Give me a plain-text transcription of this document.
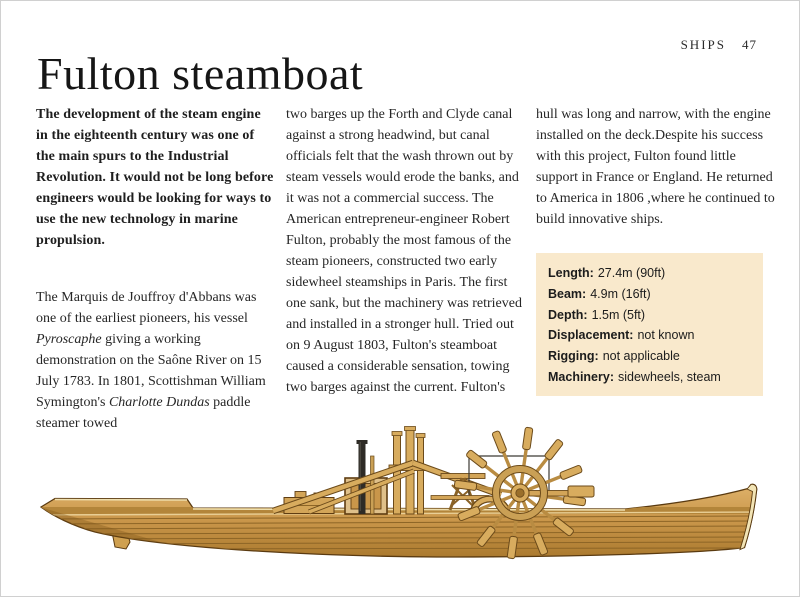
SHIPS 47
Fulton steamboat

The development of the steam engine in the eighteenth century was one of the main spurs to the Industrial Revolution. It would not be long before engineers would be looking for ways to use the new technology in marine propulsion.

The Marquis de Jouffroy d'Abbans was one of the earliest pioneers, his vessel Pyroscaphe giving a working demonstration on the Saône River on 15 July 1783. In 1801, Scottishman William Symington's Charlotte Dundas paddle steamer towed

two barges up the Forth and Clyde canal against a strong headwind, but canal officials felt that the wash thrown out by steam vessels would erode the banks, and it was not a commercial success. The American entrepreneur-engineer Robert Fulton, probably the most famous of the steam pioneers, constructed two early sidewheel steamships in Paris. The first one sank, but the machinery was retrieved and installed in a stronger hull. Tried out on 9 August 1803, Fulton's steamboat caused a considerable sensation, towing two barges against the current. Fulton's

hull was long and narrow, with the engine installed on the deck.Despite his success with this project, Fulton found little support in France or England. He returned to America in 1806 ,where he continued to build innovative ships.

Length: 27.4m (90ft)
Beam: 4.9m (16ft)
Depth: 1.5m (5ft)
Displacement: not known
Rigging: not applicable
Machinery: sidewheels, steam
